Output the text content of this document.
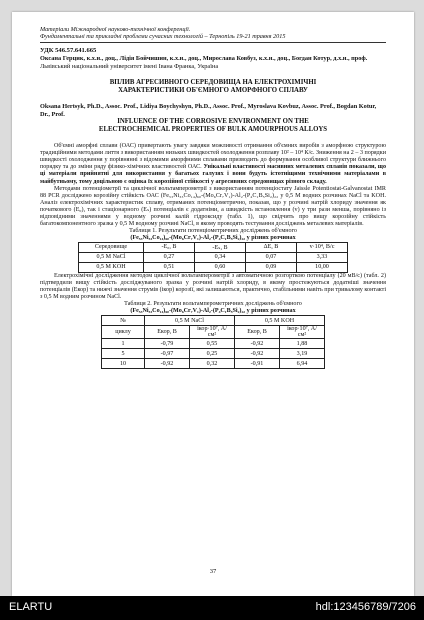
Матеріали Міжнародної науково-технічної конференції.
Фундаментальні та прикладні проблеми сучасних технологій – Тернопіль 19-21 травня 2015
УДК 546.57.641.665
Оксана Герцик, к.х.н., доц., Лідія Бойчишин, к.х.н., доц., Мирослава Ковбуз, к.х.н., доц., Богдан Котур, д.х.н., проф.
Львівський національний університет імені Івана Франка, Україна
ВПЛИВ АГРЕСИВНОГО СЕРЕДОВИЩА НА ЕЛЕКТРОХІМІЧНІ
ХАРАКТЕРИСТИКИ ОБ'ЄМНОГО АМОРФНОГО СПЛАВУ
Oksana Hertsyk, Ph.D., Assoc. Prof., Lidiya Boychyshyn, Ph.D., Assoc. Prof., Myroslava Kovbuz, Assoc. Prof., Bogdan Kotur, Dr., Prof.
INFLUENCE OF THE CORROSIVE ENVIRONMENT ON THE
ELECTROCHEMICAL PROPERTIES OF BULK AMOURPHOUS ALLOYS

Об'ємні аморфні сплави (ОАС) привертають увагу завдяки можливості отримання об'ємних виробів з аморфною структурою традиційними методами лиття з використанням низьких швидкостей охолодження розплаву 10² – 10⁴ К/с. Зниження на 2 – 3 порядки швидкості охолодження у порівнянні з відомими аморфними сплавами призводить до формування особливої структури ближнього порядку та до зміни ряду фізико-хімічних властивостей ОАС. Унікальні властивості масивних металевих сплавів показали, що ці матеріали прийнятні для використання у багатьох галузях і вони будуть істотніщими технічними матеріалами в майбутньому, тому доцільною є оцінка їх корозійної стійкості у агресивних середовищах різного складу.

Методами потенціометрії та циклічної вольтамперометрії з використанням потенціостату Jaissle Potentiostat-Galvanostat IMR 88 PCR досліджено корозійну стійкість ОАС (Fe₅₃Ni₃₃Co₁₄)₆₀-(Mo₆Cr₇V₁)-Al₂-(P₄C₁B₅Si₂)₂₂ у 0,5 М водних розчинах NaCl та KOH. Аналіз електрохімічних характеристик сплаву, отриманих потенціометрично, показав, що у розчині натрій хлориду значення як початкового (E₀), так і стаціонарного (Eₛ) потенціалів є додатніми, а швидкість встановлення (v) у три рази менша, порівняно із відповідними значеннями у водному розчині калій гідроксиду (табл. 1), що свідчить про вищу корозійну стійкість багатокомпонентного зразка у 0,5 М водному розчині NaCl, в якому проводять тестування досліджень металевих матеріалів.

Таблиця 1. Результати потенціометричних досліджень об'ємного
(Fe₅₃Ni₃₃Co₁₄)₆₀-(Mo₆Cr₇V₁)-Al₂-(P₄C₁B₅Si₂)₂₂ у різних розчинах
Середовище	-E₀, В	-Eₛ, В	ΔE, В	v·10⁴, В/с
0,5 M NaCl	0,27	0,34	0,07	3,33
0,5 M KOH	0,51	0,60	0,09	10,00

Електрохімічні дослідження методом циклічної вольтамперометрії з автоматичною розгорткою потенціалу (20 мВ/с) (табл. 2) підтвердили вищу стійкість досліджуваного зразка у розчині натрій хлориду, в якому простежуються додатніші значення потенціалів (Eкор) та нижчі значення струмів (iкор) корозії, які залишаються, практично, стабільними навіть при тривалому контакті з 0,5 М водним розчином NaCl.

Таблиця 2. Результати вольтамперометричних досліджень об'ємного
(Fe₅₃Ni₃₃Co₁₄)₆₀-(Mo₆Cr₇V₁)-Al₂-(P₄C₁B₅Si₂)₂₂ у різних розчинах
№	0,5 M NaCl		0,5 M KOH	
циклу	Eкор, В	iкор·10⁷, А/см²	Eкор, В	iкор·10⁷, А/см²
1	-0,79	0,55	-0,92	1,88
5	-0,97	0,25	-0,92	3,19
10	-0,92	0,32	-0,91	6,94
37
ELARTU	hdl:123456789/7206
